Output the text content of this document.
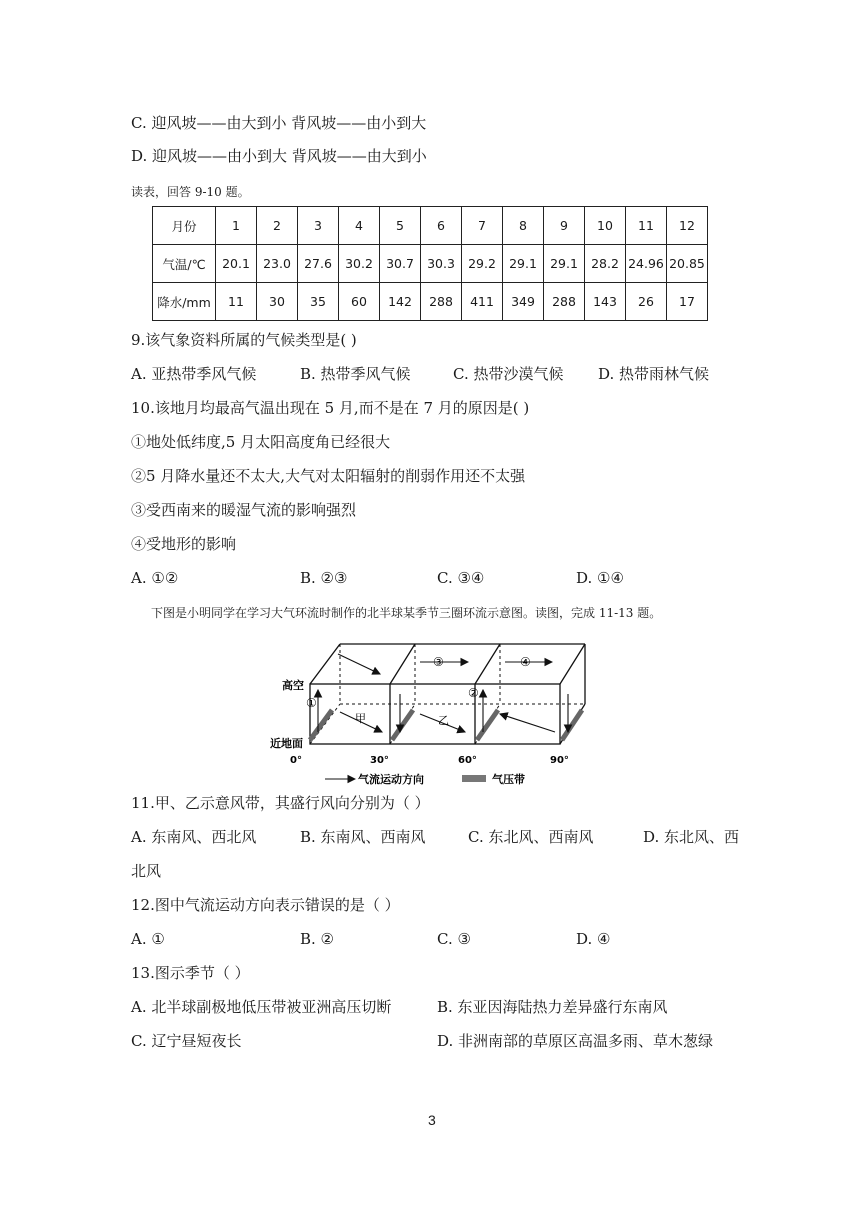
C. 迎风坡——由大到小 背风坡——由小到大
D. 迎风坡——由小到大 背风坡——由大到小
读表，回答 9-10 题。
月份	1	2	3	4	5	6	7	8	9	10	11	12
气温/℃	20.1	23.0	27.6	30.2	30.7	30.3	29.2	29.1	29.1	28.2	24.96	20.85
降水/mm	11	30	35	60	142	288	411	349	288	143	26	17
9.该气象资料所属的气候类型是( )
A. 亚热带季风气候	B. 热带季风气候	C. 热带沙漠气候 D. 热带雨林气候
10.该地月均最高气温出现在 5 月,而不是在 7 月的原因是( )
①地处低纬度,5 月太阳高度角已经很大
②5 月降水量还不太大,大气对太阳辐射的削弱作用还不太强
③受西南来的暖湿气流的影响强烈
④受地形的影响
A. ①②	B. ②③	C. ③④	D. ①④
下图是小明同学在学习大气环流时制作的北半球某季节三圈环流示意图。读图，完成 11-13 题。
高空
近地面
①
②
③	④
甲	乙
0°	30°	60°	90°
气流运动方向	气压带
11.甲、乙示意风带，其盛行风向分别为（ ）
A. 东南风、西北风	B. 东南风、西南风	C. 东北风、西南风	D. 东北风、西
北风
12.图中气流运动方向表示错误的是（ ）
A. ①	B. ②	C. ③	D. ④
13.图示季节（ ）
A. 北半球副极地低压带被亚洲高压切断	B. 东亚因海陆热力差异盛行东南风
C. 辽宁昼短夜长	D. 非洲南部的草原区高温多雨、草木葱绿
3
